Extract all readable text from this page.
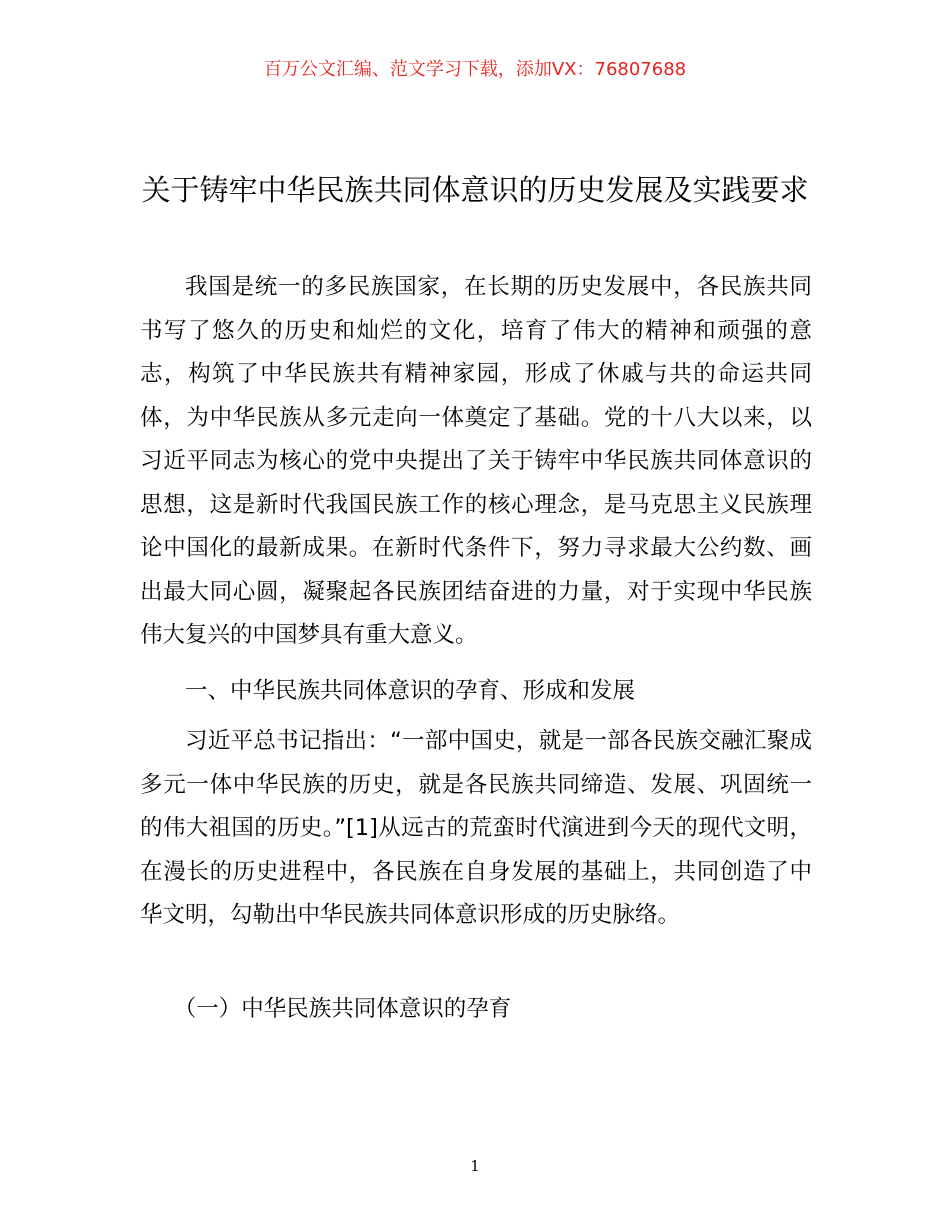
百万公文汇编、范文学习下载，添加VX：76807688
关于铸牢中华民族共同体意识的历史发展及实践要求

我国是统一的多民族国家，在长期的历史发展中，各民族共同书写了悠久的历史和灿烂的文化，培育了伟大的精神和顽强的意志，构筑了中华民族共有精神家园，形成了休戚与共的命运共同体，为中华民族从多元走向一体奠定了基础。党的十八大以来，以习近平同志为核心的党中央提出了关于铸牢中华民族共同体意识的思想，这是新时代我国民族工作的核心理念，是马克思主义民族理论中国化的最新成果。在新时代条件下，努力寻求最大公约数、画出最大同心圆，凝聚起各民族团结奋进的力量，对于实现中华民族伟大复兴的中国梦具有重大意义。

一、中华民族共同体意识的孕育、形成和发展

习近平总书记指出：“一部中国史，就是一部各民族交融汇聚成多元一体中华民族的历史，就是各民族共同缔造、发展、巩固统一的伟大祖国的历史。”[1]从远古的荒蛮时代演进到今天的现代文明，在漫长的历史进程中，各民族在自身发展的基础上，共同创造了中华文明，勾勒出中华民族共同体意识形成的历史脉络。

（一）中华民族共同体意识的孕育

1
